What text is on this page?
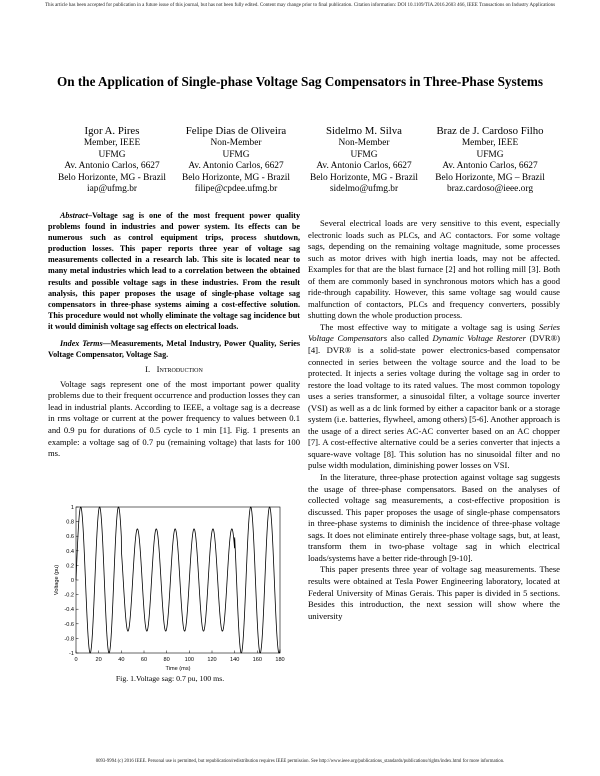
This article has been accepted for publication in a future issue of this journal, but has not been fully edited. Content may change prior to final publication. Citation information: DOI 10.1109/TIA.2016.2603 466, IEEE Transactions on Industry Applications
On the Application of Single-phase Voltage Sag Compensators in Three-Phase Systems
Igor A. Pires
Member, IEEE
UFMG
Av. Antonio Carlos, 6627
Belo Horizonte, MG - Brazil
iap@ufmg.br
Felipe Dias de Oliveira
Non-Member
UFMG
Av. Antonio Carlos, 6627
Belo Horizonte, MG - Brazil
filipe@cpdee.ufmg.br
Sidelmo M. Silva
Non-Member
UFMG
Av. Antonio Carlos, 6627
Belo Horizonte, MG - Brazil
sidelmo@ufmg.br
Braz de J. Cardoso Filho
Member, IEEE
UFMG
Av. Antonio Carlos, 6627
Belo Horizonte, MG – Brazil
braz.cardoso@ieee.org

Abstract–Voltage sag is one of the most frequent power quality problems found in industries and power system. Its effects can be numerous such as control equipment trips, process shutdown, production losses. This paper reports three year of voltage sag measurements collected in a research lab. This site is located near to many metal industries which lead to a correlation between the obtained results and possible voltage sags in these industries. From the result analysis, this paper proposes the usage of single-phase voltage sag compensators in three-phase systems aiming a cost-effective solution. This procedure would not wholly eliminate the voltage sag incidence but it would diminish voltage sag effects on electrical loads.

Index Terms—Measurements, Metal Industry, Power Quality, Series Voltage Compensator, Voltage Sag.

I. Introduction

Voltage sags represent one of the most important power quality problems due to their frequent occurrence and production losses they can lead in industrial plants. According to IEEE, a voltage sag is a decrease in rms voltage or current at the power frequency to values between 0.1 and 0.9 pu for durations of 0.5 cycle to 1 min [1]. Fig. 1 presents an example: a voltage sag of 0.7 pu (remaining voltage) that lasts for 100 ms.

1
0.8
0.6
0.4
0.2
0
-0.2
-0.4
-0.6
-0.8
-1
0	20	40	60	80	100 120 140 160 180
Time (ms)
Voltage (pu)
Fig. 1.Voltage sag: 0.7 pu, 100 ms.

Several electrical loads are very sensitive to this event, especially electronic loads such as PLCs, and AC contactors. For some voltage sags, depending on the remaining voltage magnitude, some processes such as motor drives with high inertia loads, may not be affected. Examples for that are the blast furnace [2] and hot rolling mill [3]. Both of them are commonly based in synchronous motors which has a good ride-through capability. However, this same voltage sag would cause malfunction of contactors, PLCs and frequency converters, possibly shutting down the whole production process.

The most effective way to mitigate a voltage sag is using Series Voltage Compensators also called Dynamic Voltage Restorer (DVR®) [4]. DVR® is a solid-state power electronics-based compensator connected in series between the voltage source and the load to be protected. It injects a series voltage during the voltage sag in order to restore the load voltage to its rated values. The most common topology uses a series transformer, a sinusoidal filter, a voltage source inverter (VSI) as well as a dc link formed by either a capacitor bank or a storage system (i.e. batteries, flywheel, among others) [5-6]. Another approach is the usage of a direct series AC-AC converter based on an AC chopper [7]. A cost-effective alternative could be a series converter that injects a square-wave voltage [8]. This solution has no sinusoidal filter and no pulse width modulation, diminishing power losses on VSI.

In the literature, three-phase protection against voltage sag suggests the usage of three-phase compensators. Based on the analyses of collected voltage sag measurements, a cost-effective proposition is discussed. This paper proposes the usage of single-phase compensators in three-phase systems to diminish the incidence of three-phase voltage sags. It does not eliminate entirely three-phase voltage sags, but, at least, transform them in two-phase voltage sag in which electrical loads/systems have a better ride-through [9-10].

This paper presents three year of voltage sag measurements. These results were obtained at Tesla Power Engineering laboratory, located at Federal University of Minas Gerais. This paper is divided in 5 sections. Besides this introduction, the next session will show where the university

0093-9994 (c) 2016 IEEE. Personal use is permitted, but republication/redistribution requires IEEE permission. See http://www.ieee.org/publications_standards/publications/rights/index.html for more information.
